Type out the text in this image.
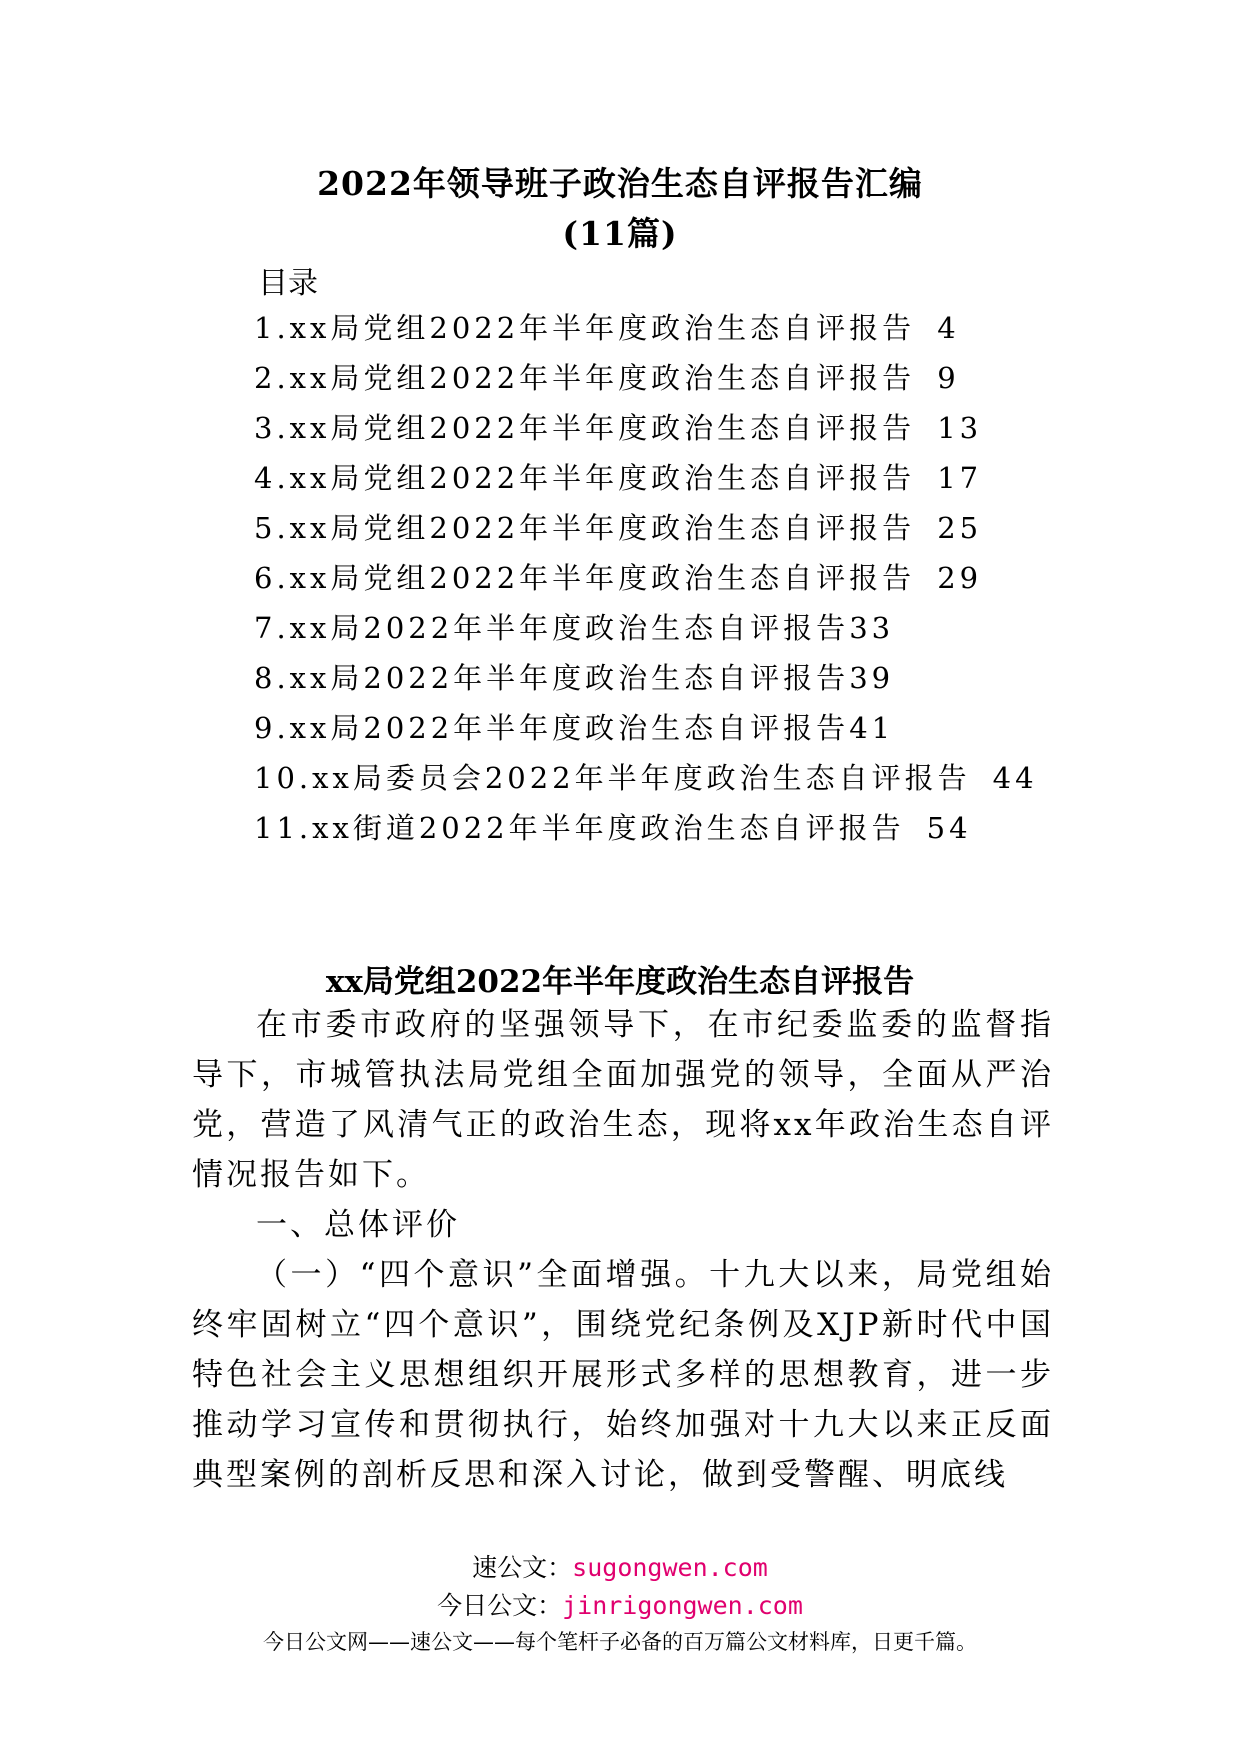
2022年领导班子政治生态自评报告汇编
(11篇)
目录
1.xx局党组2022年半年度政治生态自评报告 4
2.xx局党组2022年半年度政治生态自评报告 9
3.xx局党组2022年半年度政治生态自评报告 13
4.xx局党组2022年半年度政治生态自评报告 17
5.xx局党组2022年半年度政治生态自评报告 25
6.xx局党组2022年半年度政治生态自评报告 29
7.xx局2022年半年度政治生态自评报告33
8.xx局2022年半年度政治生态自评报告39
9.xx局2022年半年度政治生态自评报告41
10.xx局委员会2022年半年度政治生态自评报告 44
11.xx街道2022年半年度政治生态自评报告 54
xx局党组2022年半年度政治生态自评报告

在市委市政府的坚强领导下，在市纪委监委的监督指导下，市城管执法局党组全面加强党的领导，全面从严治党，营造了风清气正的政治生态，现将xx年政治生态自评情况报告如下。

一、总体评价

（一）“四个意识”全面增强。十九大以来，局党组始终牢固树立“四个意识”，围绕党纪条例及XJP新时代中国特色社会主义思想组织开展形式多样的思想教育，进一步推动学习宣传和贯彻执行，始终加强对十九大以来正反面典型案例的剖析反思和深入讨论，做到受警醒、明底线

速公文：sugongwen.com
今日公文：jinrigongwen.com
今日公文网——速公文——每个笔杆子必备的百万篇公文材料库，日更千篇。
